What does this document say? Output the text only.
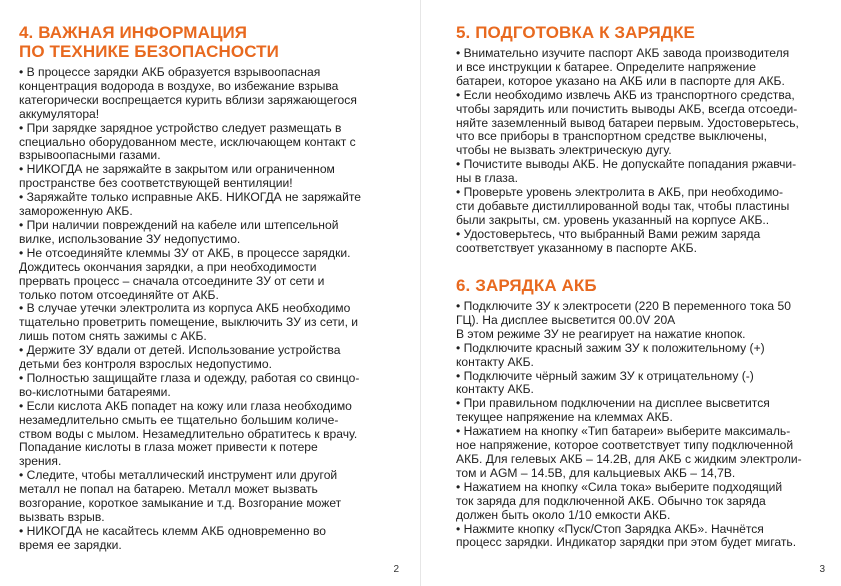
4. ВАЖНАЯ ИНФОРМАЦИЯ
ПО ТЕХНИКЕ БЕЗОПАСНОСТИ
• В процессе зарядки АКБ образуется взрывоопасная
концентрация водорода в воздухе, во избежание взрыва
категорически воспрещается курить вблизи заряжающегося
аккумулятора!
• При зарядке зарядное устройство следует размещать в
специально оборудованном месте, исключающем контакт с
взрывоопасными газами.
• НИКОГДА не заряжайте в закрытом или ограниченном
пространстве без соответствующей вентиляции!
• Заряжайте только исправные АКБ. НИКОГДА не заряжайте
замороженную АКБ.
• При наличии повреждений на кабеле или штепсельной
вилке, использование ЗУ недопустимо.
• Не отсоединяйте клеммы ЗУ от АКБ, в процессе зарядки.
Дождитесь окончания зарядки, а при необходимости
прервать процесс – сначала отсоедините ЗУ от сети и
только потом отсоединяйте от АКБ.
• В случае утечки электролита из корпуса АКБ необходимо
тщательно проветрить помещение, выключить ЗУ из сети, и
лишь потом снять зажимы с АКБ.
• Держите ЗУ вдали от детей. Использование устройства
детьми без контроля взрослых недопустимо.
• Полностью защищайте глаза и одежду, работая со свинцо-
во-кислотными батареями.
• Если кислота АКБ попадет на кожу или глаза необходимо
незамедлительно смыть ее тщательно большим количе-
ством воды с мылом. Незамедлительно обратитесь к врачу.
Попадание кислоты в глаза может привести к потере
зрения.
• Следите, чтобы металлический инструмент или другой
металл не попал на батарею. Металл может вызвать
возгорание, короткое замыкание и т.д. Возгорание может
вызвать взрыв.
• НИКОГДА не касайтесь клемм АКБ одновременно во
время ее зарядки.
2
5. ПОДГОТОВКА К ЗАРЯДКЕ
• Внимательно изучите паспорт АКБ завода производителя
и все инструкции к батарее. Определите напряжение
батареи, которое указано на АКБ или в паспорте для АКБ.
• Если необходимо извлечь АКБ из транспортного средства,
чтобы зарядить или почистить выводы АКБ, всегда отсоеди-
няйте заземленный вывод батареи первым. Удостоверьтесь,
что все приборы в транспортном средстве выключены,
чтобы не вызвать электрическую дугу.
• Почистите выводы АКБ. Не допускайте попадания ржавчи-
ны в глаза.
• Проверьте уровень электролита в АКБ, при необходимо-
сти добавьте дистиллированной воды так, чтобы пластины
были закрыты, см. уровень указанный на корпусе АКБ..
• Удостоверьтесь, что выбранный Вами режим заряда
соответствует указанному в паспорте АКБ.
6. ЗАРЯДКА АКБ
• Подключите ЗУ к электросети (220 В переменного тока 50
ГЦ). На дисплее высветится 00.0V 20A
В этом режиме ЗУ не реагирует на нажатие кнопок.
• Подключите красный зажим ЗУ к положительному (+)
контакту АКБ.
• Подключите чёрный зажим ЗУ к отрицательному (-)
контакту АКБ.
• При правильном подключении на дисплее высветится
текущее напряжение на клеммах АКБ.
• Нажатием на кнопку «Тип батареи» выберите максималь-
ное напряжение, которое соответствует типу подключенной
АКБ. Для гелевых АКБ – 14.2В, для АКБ с жидким электроли-
том и AGM – 14.5В, для кальциевых АКБ – 14,7В.
• Нажатием на кнопку «Сила тока» выберите подходящий
ток заряда для подключенной АКБ. Обычно ток заряда
должен быть около 1/10 емкости АКБ.
• Нажмите кнопку «Пуск/Стоп Зарядка АКБ». Начнётся
процесс зарядки. Индикатор зарядки при этом будет мигать.
3
